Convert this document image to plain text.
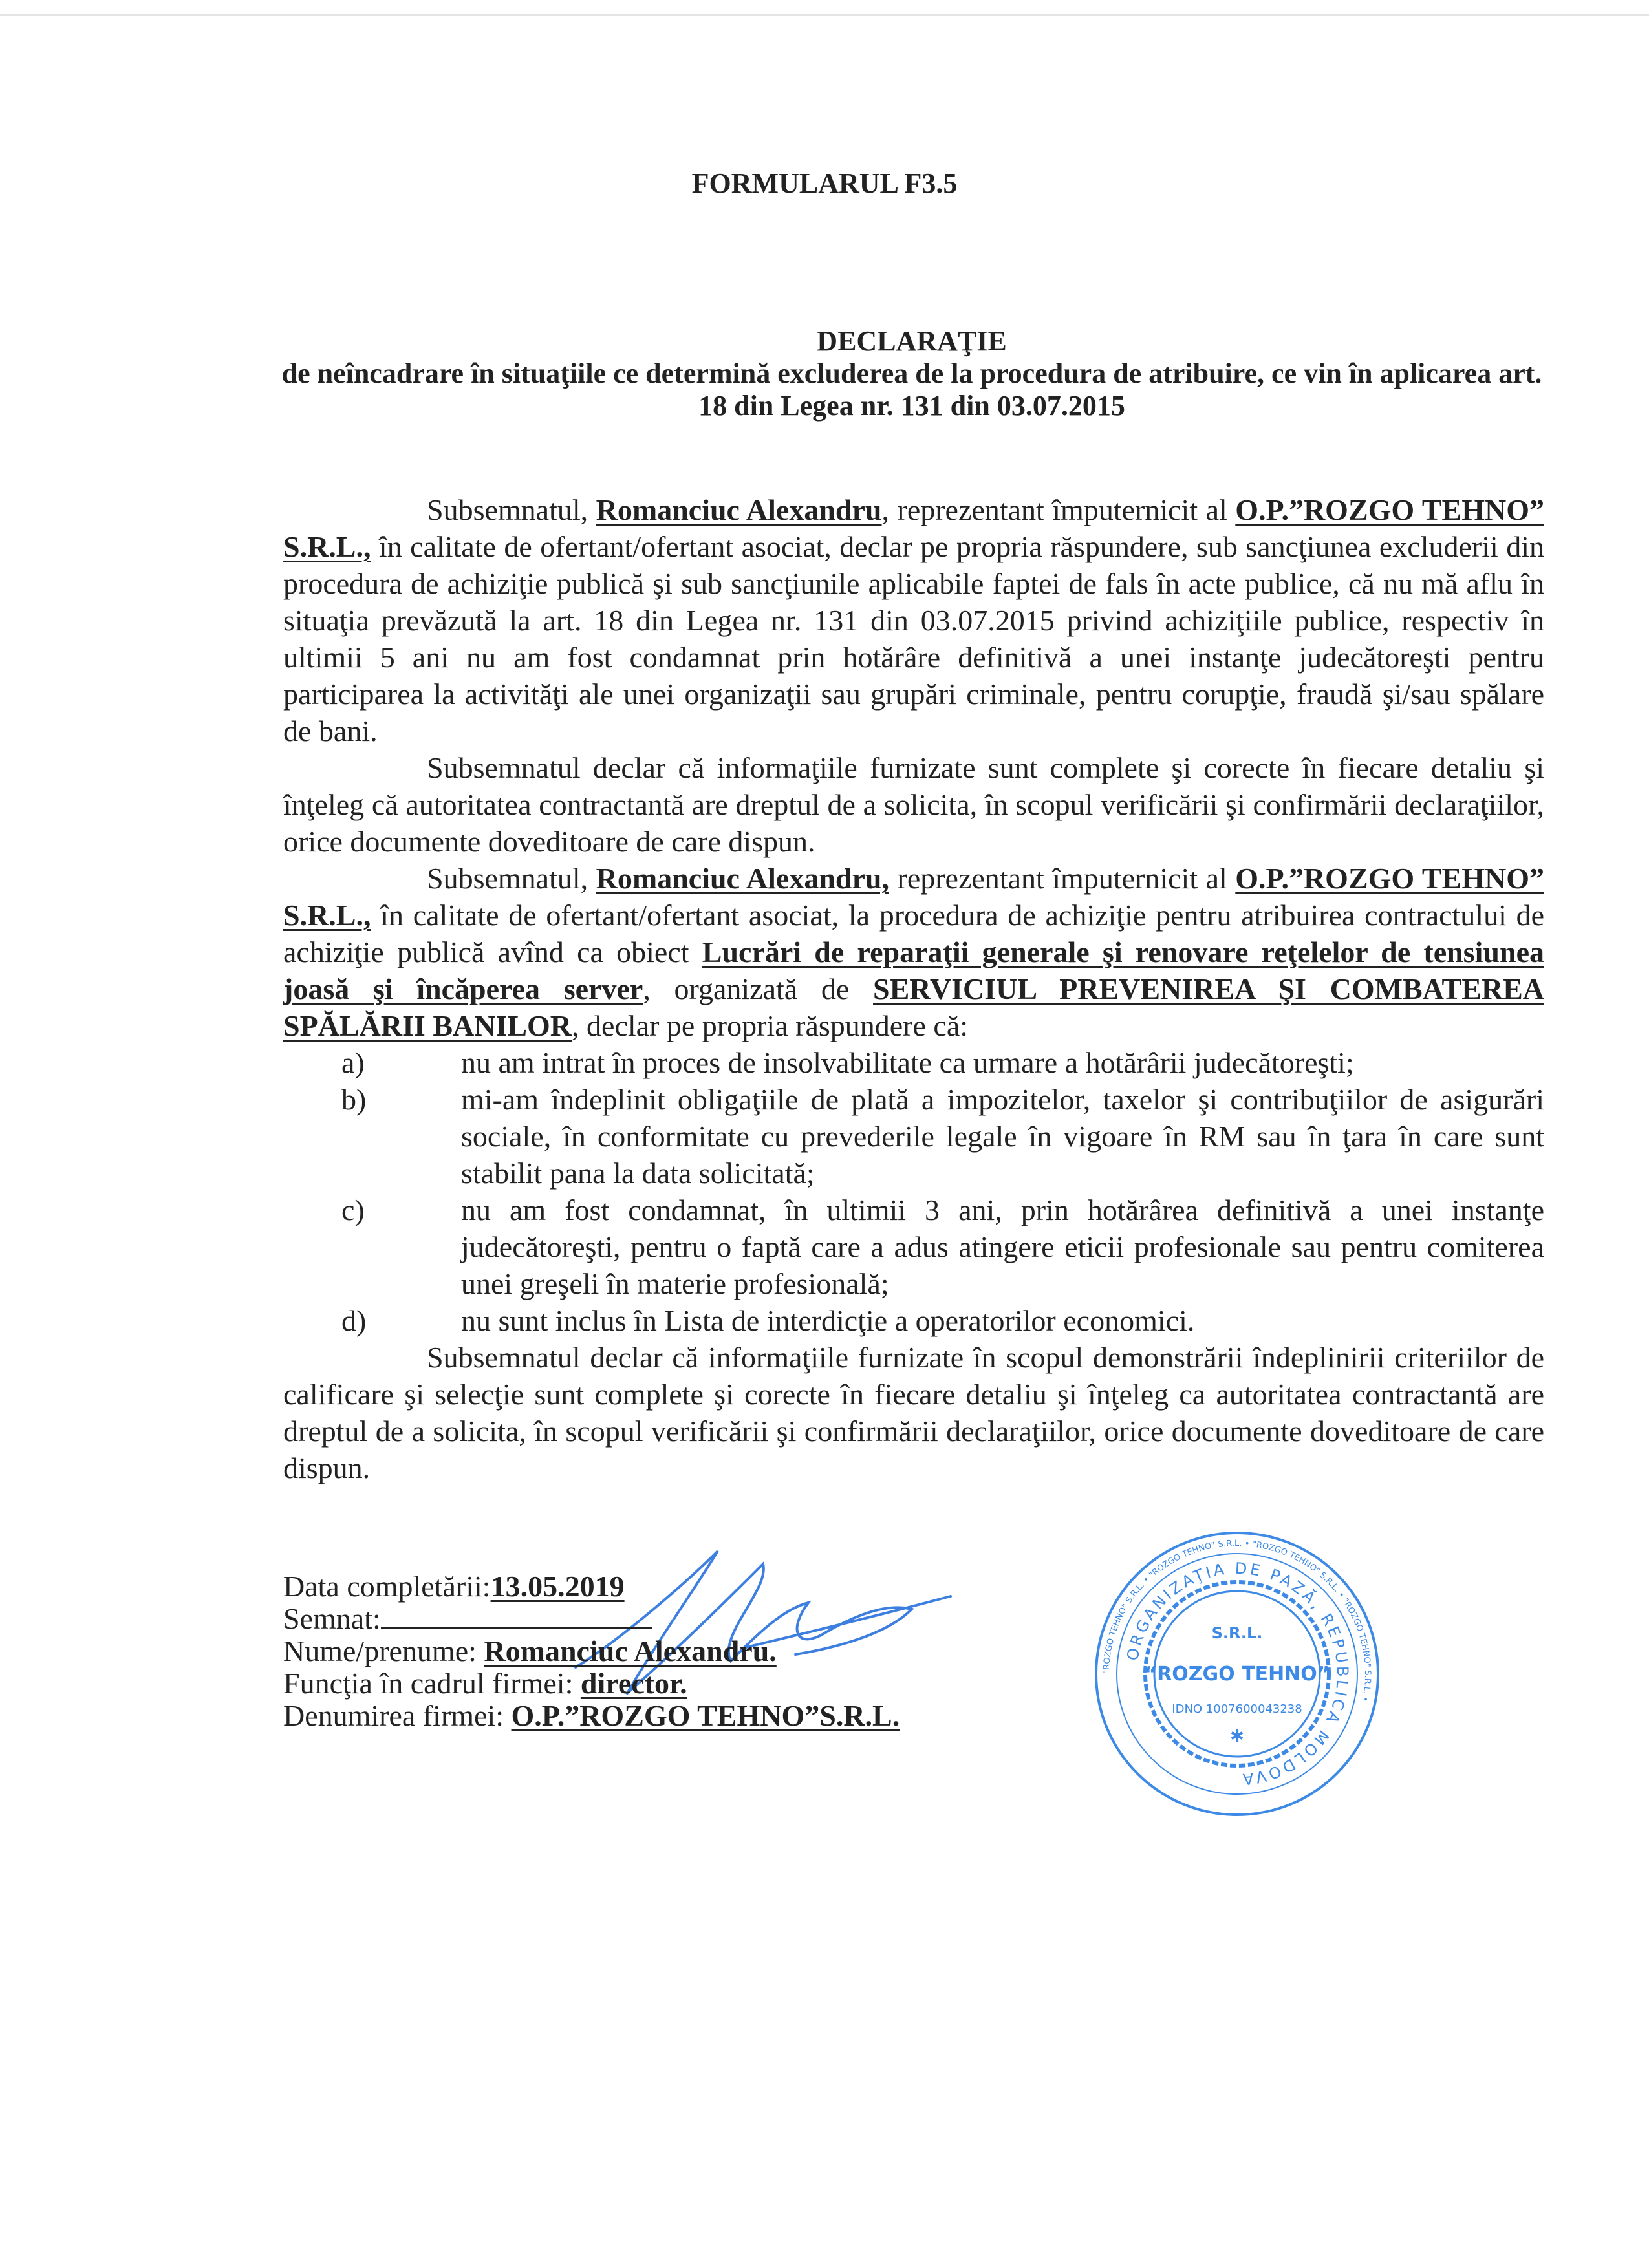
FORMULARUL F3.5
DECLARAŢIE
de neîncadrare în situaţiile ce determină excluderea de la procedura de atribuire, ce vin în aplicarea art. 18 din Legea nr. 131 din 03.07.2015

Subsemnatul, Romanciuc Alexandru, reprezentant împuternicit al O.P.”ROZGO TEHNO” S.R.L., în calitate de ofertant/ofertant asociat, declar pe propria răspundere, sub sancţiunea excluderii din procedura de achiziţie publică şi sub sancţiunile aplicabile faptei de fals în acte publice, că nu mă aflu în situaţia prevăzută la art. 18 din Legea nr. 131 din 03.07.2015 privind achiziţiile publice, respectiv în ultimii 5 ani nu am fost condamnat prin hotărâre definitivă a unei instanţe judecătoreşti pentru participarea la activităţi ale unei organizaţii sau grupări criminale, pentru corupţie, fraudă şi/sau spălare de bani.

Subsemnatul declar că informaţiile furnizate sunt complete şi corecte în fiecare detaliu şi înţeleg că autoritatea contractantă are dreptul de a solicita, în scopul verificării şi confirmării declaraţiilor, orice documente doveditoare de care dispun.

Subsemnatul, Romanciuc Alexandru, reprezentant împuternicit al O.P.”ROZGO TEHNO” S.R.L., în calitate de ofertant/ofertant asociat, la procedura de achiziţie pentru atribuirea contractului de achiziţie publică avînd ca obiect Lucrări de reparaţii generale şi renovare reţelelor de tensiunea joasă şi încăperea server, organizată de SERVICIUL PREVENIREA ŞI COMBATEREA SPĂLĂRII BANILOR, declar pe propria răspundere că:

a)	nu am intrat în proces de insolvabilitate ca urmare a hotărârii judecătoreşti;
b)	mi-am îndeplinit obligaţiile de plată a impozitelor, taxelor şi contribuţiilor de asigurări sociale, în conformitate cu prevederile legale în vigoare în RM sau în ţara în care sunt stabilit pana la data solicitată;
c)	nu am fost condamnat, în ultimii 3 ani, prin hotărârea definitivă a unei instanţe judecătoreşti, pentru o faptă care a adus atingere eticii profesionale sau pentru comiterea unei greşeli în materie profesională;
d)	nu sunt inclus în Lista de interdicţie a operatorilor economici.

Subsemnatul declar că informaţiile furnizate în scopul demonstrării îndeplinirii criteriilor de calificare şi selecţie sunt complete şi corecte în fiecare detaliu şi înţeleg ca autoritatea contractantă are dreptul de a solicita, în scopul verificării şi confirmării declaraţiilor, orice documente doveditoare de care dispun.

Data completării:13.05.2019
Semnat:
Nume/prenume: Romanciuc Alexandru.
Funcţia în cadrul firmei: director.
Denumirea firmei: O.P.”ROZGO TEHNO”S.R.L.
"ROZGO TEHNO" S.R.L. • "ROZGO TEHNO" S.R.L. • "ROZGO TEHNO" S.R.L. • "ROZGO TEHNO" S.R.L. •
ORGANIZAŢIA DE PAZĂ, REPUBLICA MOLDOVA
S.R.L.
“ROZGO TEHNO”
IDNO 1007600043238
✱
